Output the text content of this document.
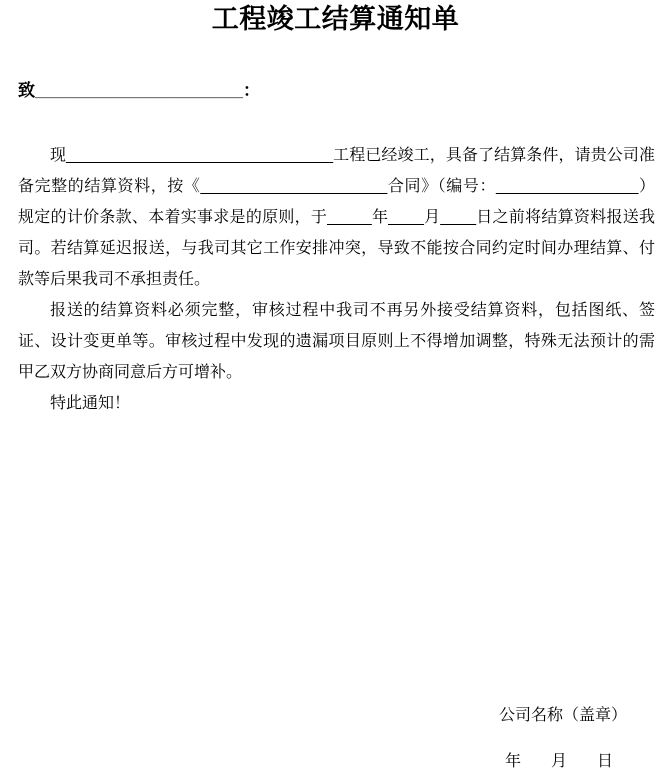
工程竣工结算通知单
致______________________：

现______________________________工程已经竣工，具备了结算条件，请贵公司准备完整的结算资料，按《_____________________合同》（编号：________________）规定的计价条款、本着实事求是的原则，于_____年____月____日之前将结算资料报送我司。若结算延迟报送，与我司其它工作安排冲突，导致不能按合同约定时间办理结算、付款等后果我司不承担责任。

报送的结算资料必须完整，审核过程中我司不再另外接受结算资料，包括图纸、签证、设计变更单等。审核过程中发现的遗漏项目原则上不得增加调整，特殊无法预计的需甲乙双方协商同意后方可增补。

特此通知！

公司名称（盖章）
年 月 日
